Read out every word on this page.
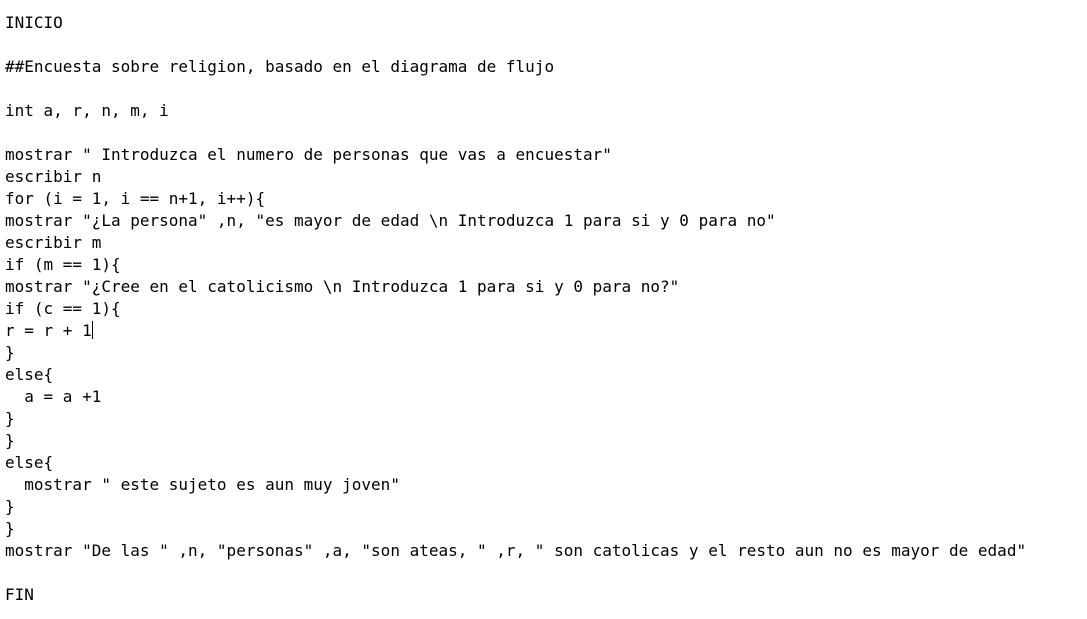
INICIO
##Encuesta sobre religion, basado en el diagrama de flujo
int a, r, n, m, i
mostrar " Introduzca el numero de personas que vas a encuestar"
escribir n
for (i = 1, i == n+1, i++){
mostrar "¿La persona" ,n, "es mayor de edad \n Introduzca 1 para si y 0 para no"
escribir m
if (m == 1){
mostrar "¿Cree en el catolicismo \n Introduzca 1 para si y 0 para no?"
if (c == 1){
r = r + 1
}
else{
a = a +1
}
}
else{
mostrar " este sujeto es aun muy joven"
}
}
mostrar "De las " ,n, "personas" ,a, "son ateas, " ,r, " son catolicas y el resto aun no es mayor de edad"
FIN
